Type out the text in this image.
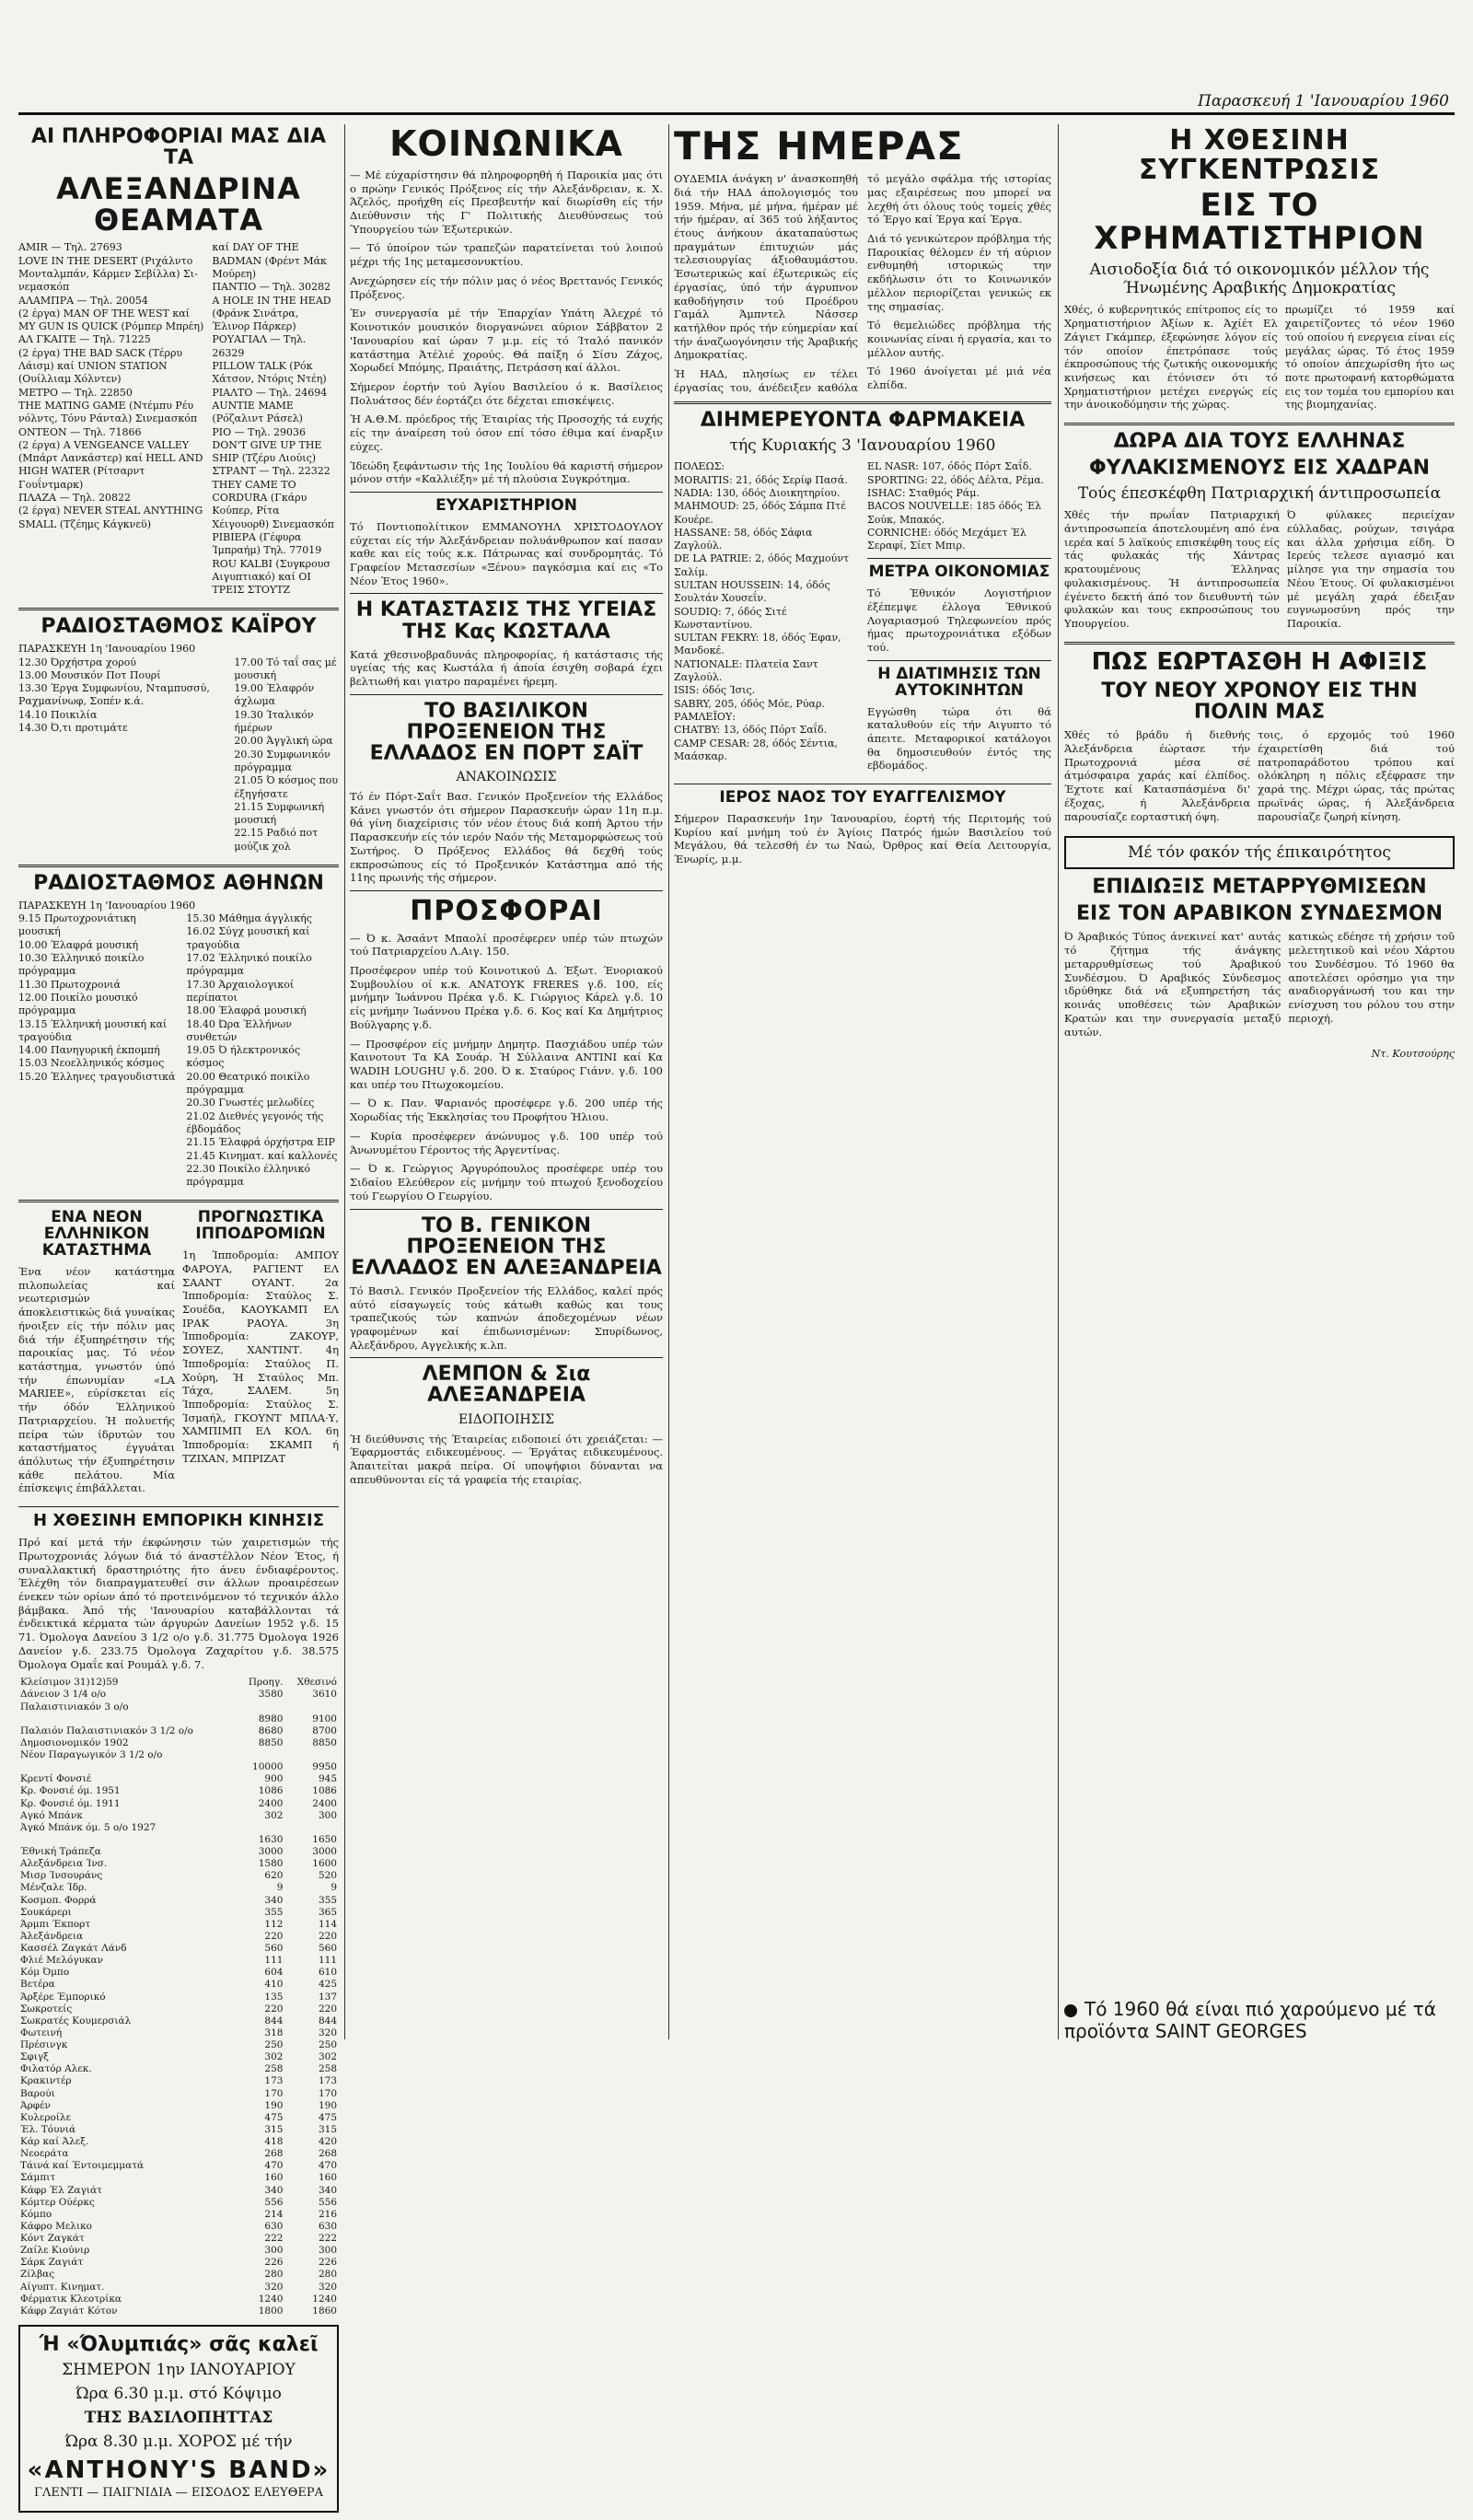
Παρασκευή 1 'Ιανουαρίου 1960
ΑΙ ΠΛΗΡΟΦΟΡΙΑΙ ΜΑΣ ΔΙΑ ΤΑ
ΑΛΕΞΑΝΔΡΙΝΑ ΘΕΑΜΑΤΑ
AMIR — Τηλ. 27693
LOVE IN THE DESERT (Ριχάλντο Μονταλμπάν, Κάρμεν Σεβίλλα) Σι-νεμασκόπ
ΑΛΑΜΠΡΑ — Τηλ. 20054
(2 έργα) MAN OF THE WEST καί MY GUN IS QUICK (Ρόμπερ Μπρέη)
ΑΛ ΓΚΑΙΤΕ — Τηλ. 71225
(2 έργα) THE BAD SACK (Τέρρυ Λάισμ) καί UNION STATION (Ουίλλιαμ Χόλντεν)
ΜΕΤΡΟ — Τηλ. 22850
THE MATING GAME (Ντέμπυ Ρέυ νόλντς, Τόνυ Ράνταλ) Σινεμασκόπ
ΟΝΤΕΟΝ — Τηλ. 71866
(2 έργα) A VENGEANCE VALLEY (Μπάρτ Λανκάστερ) καί HELL AND HIGH WATER (Ρίτσαρντ Γουΐντμαρκ)
ΠΛΑΖΑ — Τηλ. 20822
(2 έργα) NEVER STEAL ANYTHING SMALL (Τζέημς Κάγκνεϋ)
καί DAY OF THE BADMAN (Φρέντ Μάκ Μούρεη)
ΠΑΝΤΙΟ — Τηλ. 30282
A HOLE IN THE HEAD (Φράνκ Σινάτρα, Έλινορ Πάρκερ)
ΡΟΥΑΓΙΑΛ — Τηλ. 26329
PILLOW TALK (Ρόκ Χάτσον, Ντόρις Ντέη)
ΡΙΑΛΤΟ — Τηλ. 24694
AUNTIE MAME (Ρόζαλιντ Ράσελ)
ΡΙΟ — Τηλ. 29036
DON'T GIVE UP THE SHIP (Τζέρυ Λιούις)
ΣΤΡΑΝΤ — Τηλ. 22322
THEY CAME TO CORDURA (Γκάρυ Κούπερ, Ρίτα Χέιγουορθ) Σινεμασκόπ
ΡΙΒΙΕΡΑ (Γέφυρα Ίμπραήμ) Τηλ. 77019
ROU KALBI (Συγκρουσ Αιγυπτιακό) καί ΟΙ ΤΡΕΙΣ ΣΤΟΥΤΖ
ΡΑΔΙΟΣΤΑΘΜΟΣ ΚΑΪΡΟΥ
ΠΑΡΑΣΚΕΥΗ 1η 'Ιανουαρίου 1960
12.30 Όρχήστρα χορού
13.00 Μουσικόν Ποτ Πουρί
13.30 Έργα Συμφωνίου, Νταμπυσσύ, Ραχμανίνωφ, Σοπέν κ.ά.
14.10 Ποικιλία
14.30 Ό,τι προτιμάτε
17.00 Τό ταΐ σας μέ μουσική
19.00 Έλαφρόν άχλωμα
19.30 Ίταλικόν ήμέρων
20.00 Άγγλική ώρα
20.30 Συμφωνικόν πρόγραμμα
21.05 Ό κόσμος που έξηγήσατε
21.15 Συμφωνική μουσική
22.15 Ραδιό ποτ μούζικ χολ
ΡΑΔΙΟΣΤΑΘΜΟΣ ΑΘΗΝΩΝ
ΠΑΡΑΣΚΕΥΗ 1η 'Ιανουαρίου 1960
9.15 Πρωτοχρονιάτικη μουσική
10.00 Έλαφρά μουσική
10.30 Έλληνικό ποικίλο πρόγραμμα
11.30 Πρωτοχρονιά
12.00 Ποικίλο μουσικό πρόγραμμα
13.15 Έλληνική μουσική καί τραγούδια
14.00 Πανηγυρική έκπομπή
15.03 Νεοελληνικός κόσμος
15.20 Έλληνες τραγουδιστικά
15.30 Μάθημα άγγλικής
16.02 Σύγχ μουσική καί τραγούδια
17.02 Έλληνικό ποικίλο πρόγραμμα
17.30 Άρχαιολογικοί περίπατοι
18.00 Έλαφρά μουσική
18.40 Ώρα Έλλήνων συνθετών
19.05 Ό ήλεκτρονικός κόσμος
20.00 Θεατρικό ποικίλο πρόγραμμα
20.30 Γνωστές μελωδίες
21.02 Διεθνές γεγονός τής έβδομάδος
21.15 Έλαφρά όρχήστρα EIP
21.45 Κινηματ. καί καλλονές
22.30 Ποικίλο έλληνικό πρόγραμμα
ΕΝΑ ΝΕΟΝ ΕΛΛΗΝΙΚΟΝ ΚΑΤΑΣΤΗΜΑ

Ένα νέον κατάστημα πιλοπωλείας καί νεωτερισμών άποκλειστικώς διά γυναίκας ήνοιξεν είς τήν πόλιν μας διά τήν έξυπηρέτησιν τής παροικίας μας. Τό νέον κατάστημα, γνωστόν ύπό τήν έπωνυμίαν «LA MARIEE», εύρίσκεται είς τήν όδόν Έλληνικού Πατριαρχείου. Ή πολυετής πείρα τών ίδρυτών του καταστήματος έγγυάται άπόλυτως τήν έξυπηρέτησιν κάθε πελάτου. Μία έπίσκεψις έπιβάλλεται.

ΠΡΟΓΝΩΣΤΙΚΑ ΙΠΠΟΔΡΟΜΙΩΝ

1η Ίπποδρομία: ΑΜΠΟΥ ΦΑΡΟΥΑ, ΡΑΓΙΕΝΤ ΕΛ ΣΑΑΝΤ ΟΥΑΝΤ. 2α Ίπποδρομία: Σταύλος Σ. Σουέδα, ΚΑΟΥΚΑΜΠ ΕΛ ΙΡΑΚ ΡΑΟΥΑ. 3η Ίπποδρομία: ΖΑΚΟΥΡ, ΣΟΥΕΖ, ΧΑΝΤΙΝΤ. 4η Ίπποδρομία: Σταύλος Π. Χούρη, Ή Σταύλος Μπ. Τάχα, ΣΑΛΕΜ. 5η Ίπποδρομία: Σταύλος Σ. Ίσμαήλ, ΓΚΟΥΝΤ ΜΠΛΑ·Υ, ΧΑΜΠΙΜΠ ΕΛ ΚΟΛ. 6η Ίπποδρομία: ΣΚΑΜΠ ή ΤΖΙΧΑΝ, ΜΠΡΙΖΑΤ

Η ΧΘΕΣΙΝΗ ΕΜΠΟΡΙΚΗ ΚΙΝΗΣΙΣ

Πρό καί μετά τήν έκφώνησιν τών χαιρετισμών τής Πρωτοχρονιάς λόγων διά τό άναστέλλον Νέον Έτος, ή συναλλακτική δραστηριότης ήτο άνευ ένδιαφέροντος. Έλέχθη τόν διαπραγματευθεί σιν άλλων προαιρέσεων ένεκεν τών ορίων άπό τό προτεινόμενον τό τεχνικόν άλλο βάμβακα. Άπό τής 'Ιανουαρίου καταβάλλονται τά ένδεικτικά κέρματα τών άργυρών Δανείων 1952 γ.δ. 15 71. Όμολογα Δανείου 3 1/2 ο/ο γ.δ. 31.775 Όμολογα 1926 Δανείον γ.δ. 233.75 Όμολογα Ζαχαρίτου γ.δ. 38.575 Όμολογα Ομαΐε καί Ρουμάλ γ.δ. 7.

Κλείσιμον 31)12)59	Προηγ.	Χθεσινό
Δάνειον 3 1/4 ο/ο	3580	3610
Παλαιστινιακόν 3 ο/ο		
	8980	9100
Παλαιόν Παλαιστινιακόν 3 1/2 ο/ο	8680	8700
Δημοσιονομικόν 1902	8850	8850
Νέον Παραγωγικόν 3 1/2 ο/ο		
	10000	9950
Κρεντί Φονσιέ	900	945
Κρ. Φονσιέ όμ. 1951	1086	1086
Κρ. Φονσιέ όμ. 1911	2400	2400
Αγκό Μπάνκ	302	300
Άγκό Μπάνκ όμ. 5 ο/ο 1927		
	1630	1650
Έθνική Τράπεζα	3000	3000
Αλεξάνδρεια Ίνσ.	1580	1600
Μισρ Ίνσουράνς	620	520
Μένζαλε Ίδρ.	9	9
Κοσμοπ. Φορρά	340	355
Σουκάρερι	355	365
Άρμπι Έκπορτ	112	114
Άλεξάνδρεια	220	220
Κασσέλ Ζαγκάτ Λάνδ	560	560
Φλιέ Μελόγυκαν	111	111
Κόμ Όμπο	604	610
Βετέρα	410	425
Άρξέρε Έμπορικό	135	137
Σωκροτείς	220	220
Σωκρατές Κουμερσιάλ	844	844
Φωτεινή	318	320
Πρέσινγκ	250	250
Σφιγξ	302	302
Φιλατόρ Αλεκ.	258	258
Κρακιντέρ	173	173
Βαρούι	170	170
Άρφέν	190	190
Κυλεροίλε	475	475
Έλ. Τόυνιά	315	315
Κάρ καί Άλεξ.	418	420
Νεοεράτα	268	268
Τάινά καί Έντοιμεμματά	470	470
Σάμπιτ	160	160
Κάφρ Έλ Ζαγιάτ	340	340
Κόμτερ Ούέρκς	556	556
Κόμπο	214	216
Κάφρο Μελικο	630	630
Κόντ Ζαγκάτ	222	222
Ζαίλε Κιούνιρ	300	300
Σάρκ Ζαγιάτ	226	226
Ζίλβας	280	280
Αίγυπτ. Κινηματ.	320	320
Φέρματικ Κλεοτρίκα	1240	1240
Κάφρ Ζαγιάτ Κότον	1800	1860
Ή «Όλυμπιάς» σᾶς καλεῖ
ΣΗΜΕΡΟΝ 1ην ΙΑΝΟΥΑΡΙΟΥ
Ώρα 6.30 μ.μ. στό Κόψιμο
ΤΗΣ ΒΑΣΙΛΟΠΗΤΤΑΣ
Ώρα 8.30 μ.μ. ΧΟΡΟΣ μέ τήν
«ANTHONY'S BAND»
ΓΛΕΝΤΙ — ΠΑΙΓΝΙΔΙΑ — ΕΙΣΟΔΟΣ ΕΛΕΥΘΕΡΑ
ΚΟΙΝΩΝΙΚΑ

— Μέ εύχαρίστησιν θά πληροφορηθή ή Παροικία μας ότι ο πρώην Γενικός Πρόξενος είς τήν Αλεξάνδρειαν, κ. Χ. Άζελός, προήχθη είς Πρεσβευτήν καί διωρίσθη είς τήν Διεύθυνσιν τής Γ' Πολιτικής Διευθύνσεως τού Ύπουργείου τών Έξωτερικών.

— Τό ύποίρον τών τραπεζών παρατείνεται τού λοιπού μέχρι τής 1ης μεταμεσονυκτίου.

Ανεχώρησεν είς τήν πόλιν μας ό νέος Βρεττανός Γενικός Πρόξενος.

Έν συνεργασία μέ τήν Έπαρχίαν Υπάτη Άλεχρέ τό Κοινοτικόν μουσικόν διοργανώνει αύριον Σάββατον 2 'Ιανουαρίου καί ώραν 7 μ.μ. είς τό Ίταλό πανικόν κατάστημα Άτέλιέ χορούς. Θά παίξη ό Σίσυ Ζάχος, Χορωδεί Μπόμης, Πραιάτης, Πετράσση καί άλλοι.

Σήμερον έορτήν τού Άγίου Βασιλείου ό κ. Βασίλειος Πολυάτσος δέν έορτάζει ότε δέχεται επισκέψεις.

Ή Α.Θ.Μ. πρόεδρος τής Έταιρίας τής Προσοχής τά ευχής είς την άναίρεση τού όσον επί τόσο έθιμα καί έναρξιν εύχες.

Ίδεώδη ξεφάντωσιν τής 1ης Ίουλίου θά καριστή σήμερον μόνον στήν «Καλλιέξη» μέ τή πλούσια Συγκρότημα.

ΕΥΧΑΡΙΣΤΗΡΙΟΝ

Τό Ποντιοπολίτικον ΕΜΜΑΝΟΥΗΛ ΧΡΙΣΤΟΔΟΥΛΟΥ εύχεται είς τήν Άλεξάνδρειαν πολυάνθρωπον καί πασαν καθε και είς τούς κ.κ. Πάτρωνας καί συνδρομητάς. Τό Γραφείον Μετασεσίων «Ξένου» παγκόσμια καί εις «Το Νέον Έτος 1960».

Η ΚΑΤΑΣΤΑΣΙΣ ΤΗΣ ΥΓΕΙΑΣ ΤΗΣ Κας ΚΩΣΤΑΛΑ

Κατά χθεσινοβραδυνάς πληροφορίας, ή κατάστασις τής υγείας τής κας Κωστάλα ή άποία έσιχθη σοβαρά έχει βελτιωθή και γιατρο παραμένει ήρεμη.

ΤΟ ΒΑΣΙΛΙΚΟΝ ΠΡΟΞΕΝΕΙΟΝ ΤΗΣ ΕΛΛΑΔΟΣ ΕΝ ΠΟΡΤ ΣΑΪΤ
ΑΝΑΚΟΙΝΩΣΙΣ

Τό έν Πόρτ-Σαΐτ Βασ. Γενικόν Προξενείον τής Ελλάδος Κάνει γνωστόν ότι σήμερον Παρασκευήν ώραν 11η π.μ. θά γίνη διαχείρισις τόν νέον έτους διά κοπή Άρτου τήν Παρασκευήν είς τόν ιερόν Ναόν τής Μεταμορφώσεως τού Σωτήρος. Ό Πρόξενος Ελλάδος θά δεχθή τούς εκπροσώπους είς τό Προξενικόν Κατάστημα από τής 11ης πρωινής τής σήμερον.

ΠΡΟΣΦΟΡΑΙ

— Ό κ. Άσαάντ Μπαολί προσέφερεν υπέρ τών πτωχών τού Πατριαρχείου Λ.Αιγ. 150.

Προσέφερον υπέρ τού Κοινοτικού Δ. Έξωτ. Ένοριακού Συμβουλίου οί κ.κ. ΑΝΑΤΟΥΚ FRERES γ.δ. 100, είς μνήμην Ίωάννου Πρέκα γ.δ. Κ. Γιώργιος Κάρελ γ.δ. 10 είς μνήμην Ίωάννου Πρέκα γ.δ. 6. Κος καί Κα Δημήτριος Βούλγαρης γ.δ.

— Προσφέρον είς μνήμην Δημητρ. Πασχιάδου υπέρ τών Καινοτουτ Τα ΚΑ Σουάρ. Ή Σύλλαινα ΑΝΤΙΝΙ καί Κα WADIH LOUGHU γ.δ. 200. Ό κ. Σταύρος Γιάνν. γ.δ. 100 και υπέρ του Πτωχοκομείου.

— Ό κ. Παν. Ψαριανός προσέφερε γ.δ. 200 υπέρ τής Χορωδίας τής Έκκλησίας του Προφήτου Ήλιου.

— Κυρία προσέφερεν άνώνυμος γ.δ. 100 υπέρ τού Άνωνυμέτου Γέροντος τής Άργεντίνας.

— Ό κ. Γεώργιος Άργυρόπουλος προσέφερε υπέρ του Σιδαίου Ελεύθερον είς μνήμην τού πτωχού ξενοδοχείου τού Γεωργίου Ο Γεωργίου.

ΤΟ Β. ΓΕΝΙΚΟΝ ΠΡΟΞΕΝΕΙΟΝ ΤΗΣ ΕΛΛΑΔΟΣ ΕΝ ΑΛΕΞΑΝΔΡΕΙΑ

Τό Βασιλ. Γενικόν Προξενείον τής Ελλάδος, καλεί πρός αύτό είσαγωγείς τούς κάτωθι καθώς και τους τραπεζικούς τών καπνών άποδεχομένων νέων γραφομένων καί έπιδωνισμένων: Σπυρίδωνος, Αλεξάνδρου, Αγγελικής κ.λπ.

ΛΕΜΠΟΝ & Σια ΑΛΕΞΑΝΔΡΕΙΑ
ΕΙΔΟΠΟΙΗΣΙΣ

Ή διεύθυνσις τής Έταιρείας ειδοποιεί ότι χρειάζεται: — Έφαρμοστάς ειδικευμένους. — Έργάτας ειδικευμένους. Άπαιτείται μακρά πείρα. Οί υποψήφιοι δύνανται να απευθύνονται είς τά γραφεία τής εταιρίας.

ΤΗΣ ΗΜΕΡΑΣ

ΟΥΔΕΜΙΑ άνάγκη ν' άνασκοπηθή διά τήν ΗΑΔ άπολογισμός του 1959. Μήνα, μέ μήνα, ήμέραν μέ τήν ήμέραν, αί 365 τού λήξαντος έτους άνήκουν άκαταπαύστως πραγμάτων έπιτυχιών μάς τελεσιουργίας άξιοθαυμάστου. Έσωτερικώς καί έξωτερικώς είς έργασίας, ύπό τήν άγρυπνον καθοδήγησιν τού Προέδρου Γαμάλ Άμπντελ Νάσσερ κατήλθον πρός τήν εύημερίαν καί τήν άναζωογόνησιν τής Άραβικής Δημοκρατίας.

Ή ΗΑΔ, πλησίως εν τέλει έργασίας του, άνέδειξεν καθόλα τό μεγάλο σφάλμα τής ιστορίας μας εξαιρέσεως που μπορεί να λεχθή ότι όλους τούς τομείς χθές τό Έργο καί Έργα καί Έργα.

Διά τό γενικώτερον πρόβλημα τής Παροικίας θέλομεν έν τή αύριον ενθυμηθή ιστορικώς την εκδήλωσιν ότι το Κοινωνικόν μέλλον περιορίζεται γενικώς εκ της σημασίας.

Τό θεμελιώδες πρόβλημα τής κοινωνίας είναι ή εργασία, και το μέλλον αυτής.

Τό 1960 άνοίγεται μέ μιά νέα ελπίδα.

ΔΙΗΜΕΡΕΥΟΝΤΑ ΦΑΡΜΑΚΕΙΑ
τής Κυριακής 3 'Ιανουαρίου 1960
ΠΟΛΕΩΣ:
MORAITIS: 21, όδός Σερίφ Πασά.
NADIA: 130, όδός Διοικητηρίου.
MAHMOUD: 25, όδός Σάμπα Πτέ Κουέρε.
HASSANE: 58, όδός Σάφια Ζαγλούλ.
DE LA PATRIE: 2, όδός Μαχμούντ Σαλίμ.
SULTAN HOUSSEIN: 14, όδός Σουλτάν Χουσεΐν.
SOUDIQ: 7, όδός Σιτέ Κωνσταντίνου.
SULTAN FEKRY: 18, όδός Έφαν, Μανδοκέ.
NATIONALE: Πλατεία Σαντ Ζαγλούλ.
ISIS: όδός Ίσις.
SABRY, 205, όδός Μόε, Ρύαρ.
ΡΑΜΛΕΪΟΥ:
CHATBY: 13, όδός Πόρτ Σαΐδ.
CAMP CESAR: 28, όδός Σέντια, Μαάσκαρ.
EL NASR: 107, όδός Πόρτ Σαΐδ.
SPORTING: 22, όδός Δέλτα, Ρέμα.
ISHAC: Σταθμός Ράμ.
BACOS NOUVELLE: 185 όδός Έλ Σούκ, Μπακός.
CORNICHE: όδός Μεχάμετ Έλ Σεραφί, Σίετ Μπιρ.
ΜΕΤΡΑ ΟΙΚΟΝΟΜΙΑΣ

Τό Έθνικόν Λογιστήριον έξέπεμψε έλλογα Έθνικού Λογαριασμού Τηλεφωνείου πρός ήμας πρωτοχρονιάτικα εξόδων τού.

Η ΔΙΑΤΙΜΗΣΙΣ ΤΩΝ ΑΥΤΟΚΙΝΗΤΩΝ

Εγγώσθη τώρα ότι θά καταλυθούν είς τήν Αιγυπτο τό άπειτε. Μεταφορικοί κατάλογοι θα δημοσιευθούν έντός της εβδομάδος.

ΙΕΡΟΣ ΝΑΟΣ ΤΟΥ ΕΥΑΓΓΕΛΙΣΜΟΥ

Σήμερον Παρασκευήν 1ην Ίανουαρίου, έορτή τής Περιτομής τού Κυρίου καί μνήμη τού έν Άγίοις Πατρός ήμών Βασιλείου τού Μεγάλου, θά τελεσθή έν τω Ναώ, Όρθρος καί Θεία Λειτουργία, Ένωρίς, μ.μ.

Η ΧΘΕΣΙΝΗ ΣΥΓΚΕΝΤΡΩΣΙΣ
ΕΙΣ ΤΟ ΧΡΗΜΑΤΙΣΤΗΡΙΟΝ
Αισιοδοξία διά τό οικονομικόν μέλλον τής Ήνωμένης Αραβικής Δημοκρατίας

Χθές, ό κυβερνητικός επίτροπος είς το Χρηματιστήριον Άξίων κ. Άχίέτ Ελ Ζάγιετ Γκάμπερ, έξεφώνησε λόγον είς τόν οποίον έπετρόπασε τούς έκπροσώπους τής ζωτικής οικονομικής κινήσεως και έτόνισεν ότι τό Χρηματιστήριον μετέχει ενεργώς είς την άνοικοδόμησιν τής χώρας.

πρωμίζει τό 1959 καί χαιρετίζοντες τό νέον 1960 τού οποίου ή ενεργεια είναι είς μεγάλας ώρας. Τό έτος 1959 τό οποίον άπεχωρίσθη ήτο ως ποτε πρωτοφανή κατορθώματα εις τον τομέα του εμπορίου και της βιομηχανίας.

ΔΩΡΑ ΔΙΑ ΤΟΥΣ ΕΛΛΗΝΑΣ
ΦΥΛΑΚΙΣΜΕΝΟΥΣ ΕΙΣ ΧΑΔΡΑΝ
Τούς έπεσκέφθη Πατριαρχική άντιπροσωπεία

Χθές τήν πρωΐαν Πατριαρχική άντιπροσωπεία άποτελουμένη από ένα ιερέα καί 5 λαϊκούς επισκέφθη τους είς τάς φυλακάς τής Χάντρας κρατουμένους Έλληνας φυλακισμένους. Ή άντιπροσωπεία έγένετο δεκτή άπό τον διευθυντή τών φυλακών και τους εκπροσώπους του Υπουργείου.

Ό φύλακες περιείχαν εύλλαδας, ρούχων, τσιγάρα και άλλα χρήσιμα είδη. Ό Ιερεύς τελεσε αγιασμό και μίλησε για την σημασία του Νέου Έτους. Οί φυλακισμένοι μέ μεγάλη χαρά έδειξαν ευγνωμοσύνη πρός την Παροικία.

ΠΩΣ ΕΩΡΤΑΣΘΗ Η ΑΦΙΞΙΣ
ΤΟΥ ΝΕΟΥ ΧΡΟΝΟΥ ΕΙΣ ΤΗΝ ΠΟΛΙΝ ΜΑΣ

Χθές τό βράδυ ή διεθνής Άλεξάνδρεια έώρτασε τήν Πρωτοχρονιά μέσα σέ άτμόσφαιρα χαράς καί έλπίδος. Έχτοτε καί Κατασπάσμένα δι' έξοχας, ή Άλεξάνδρεια παρουσίαζε εορταστική όψη.

τοις, ό ερχομός τού 1960 έχαιρετίσθη διά τού πατροπαράδοτου τρόπου καί ολόκληρη η πόλις εξέφρασε την χαρά της. Μέχρι ώρας, τάς πρώτας πρωϊνάς ώρας, ή Άλεξάνδρεια παρουσίαζε ζωηρή κίνηση.

Μέ τόν φακόν τής έπικαιρότητος
ΕΠΙΔΙΩΞΙΣ ΜΕΤΑΡΡΥΘΜΙΣΕΩΝ
ΕΙΣ ΤΟΝ ΑΡΑΒΙΚΟΝ ΣΥΝΔΕΣΜΟΝ

Ό Άραβικός Τύπος άνεκινεί κατ' αυτάς τό ζήτημα τής άνάγκης μεταρρυθμίσεως τού Άραβικού Συνδέσμου. Ό Αραβικός Σύνδεσμος ιδρύθηκε διά νά εξυπηρετήση τάς κοινάς υποθέσεις τών Αραβικών Κρατών και την συνεργασία μεταξύ αυτών.

κατικώς εδέησε τή χρήσιν τοῦ μελετητικοῦ καὶ νέου Χάρτου του Συνδέσμου. Τό 1960 θα αποτελέσει ορόσημο για την αναδιοργάνωσή του και την ενίσχυση του ρόλου του στην περιοχή.

Ντ. Κουτσούρης
Τό 1960 θά είναι πιό χαρούμενο μέ τά προϊόντα SAINT GEORGES
